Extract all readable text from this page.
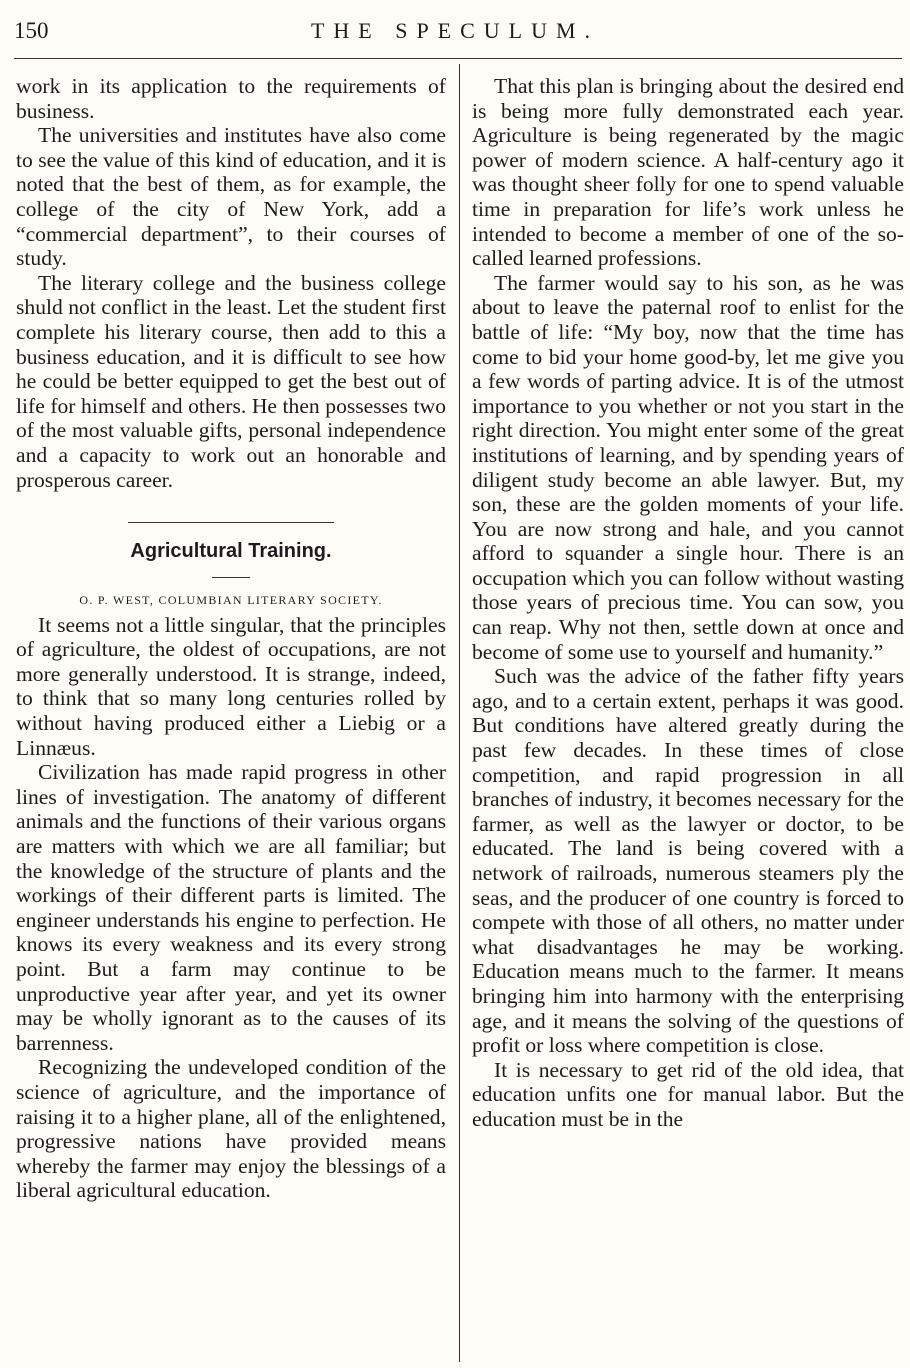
150	THE SPECULUM.

work in its application to the requirements of business.

The universities and institutes have also come to see the value of this kind of education, and it is noted that the best of them, as for example, the college of the city of New York, add a “commercial department”, to their courses of study.

The literary college and the business college shuld not conflict in the least. Let the student first complete his literary course, then add to this a business education, and it is difficult to see how he could be better equipped to get the best out of life for himself and others. He then possesses two of the most valuable gifts, personal independence and a capacity to work out an honorable and prosperous career.

Agricultural Training.

O. P. WEST, COLUMBIAN LITERARY SOCIETY.

It seems not a little singular, that the principles of agriculture, the oldest of occupations, are not more generally understood. It is strange, indeed, to think that so many long centuries rolled by without having produced either a Liebig or a Linnæus.

Civilization has made rapid progress in other lines of investigation. The anatomy of different animals and the functions of their various organs are matters with which we are all familiar; but the knowledge of the structure of plants and the workings of their different parts is limited. The engineer understands his engine to perfection. He knows its every weakness and its every strong point. But a farm may continue to be unproductive year after year, and yet its owner may be wholly ignorant as to the causes of its barrenness.

Recognizing the undeveloped condition of the science of agriculture, and the importance of raising it to a higher plane, all of the enlightened, progressive nations have provided means whereby the farmer may enjoy the blessings of a liberal agricultural education.

That this plan is bringing about the desired end is being more fully demonstrated each year. Agriculture is being regenerated by the magic power of modern science. A half-century ago it was thought sheer folly for one to spend valuable time in preparation for life’s work unless he intended to become a member of one of the so-called learned professions.

The farmer would say to his son, as he was about to leave the paternal roof to enlist for the battle of life: “My boy, now that the time has come to bid your home good-by, let me give you a few words of parting advice. It is of the utmost importance to you whether or not you start in the right direction. You might enter some of the great institutions of learning, and by spending years of diligent study become an able lawyer. But, my son, these are the golden moments of your life. You are now strong and hale, and you cannot afford to squander a single hour. There is an occupation which you can follow without wasting those years of precious time. You can sow, you can reap. Why not then, settle down at once and become of some use to yourself and humanity.”

Such was the advice of the father fifty years ago, and to a certain extent, perhaps it was good. But conditions have altered greatly during the past few decades. In these times of close competition, and rapid progression in all branches of industry, it becomes necessary for the farmer, as well as the lawyer or doctor, to be educated. The land is being covered with a network of railroads, numerous steamers ply the seas, and the producer of one country is forced to compete with those of all others, no matter under what disadvantages he may be working. Education means much to the farmer. It means bringing him into harmony with the enterprising age, and it means the solving of the questions of profit or loss where competition is close.

It is necessary to get rid of the old idea, that education unfits one for manual labor. But the education must be in the
